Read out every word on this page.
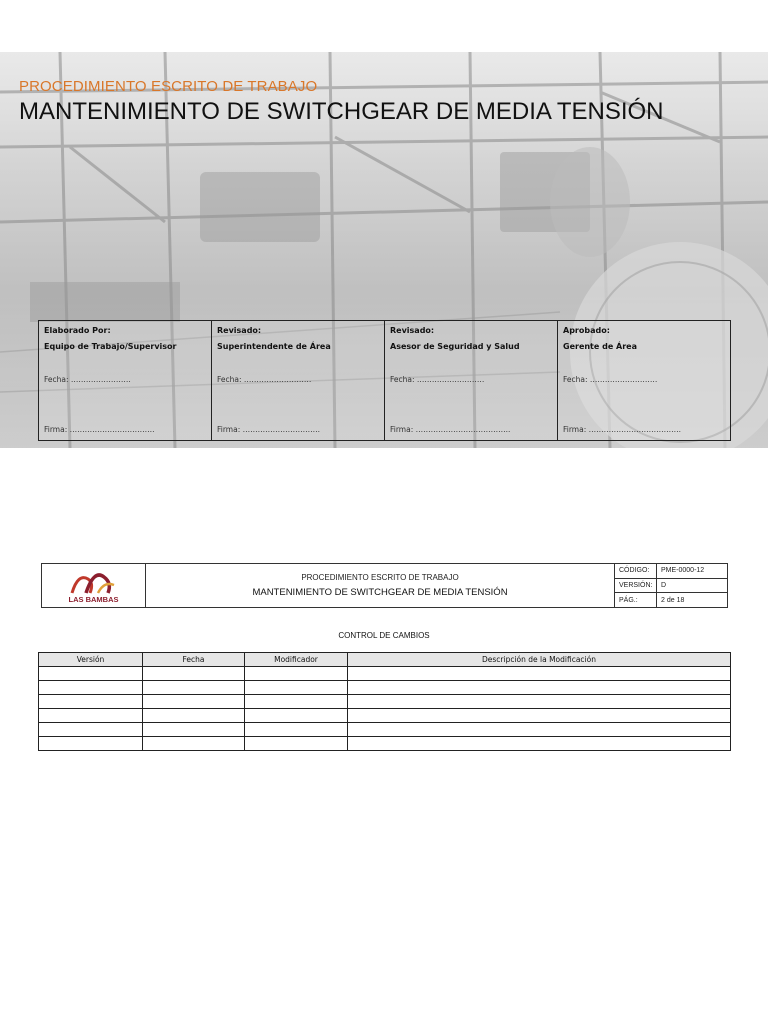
PROCEDIMIENTO ESCRITO DE TRABAJO
MANTENIMIENTO DE SWITCHGEAR DE MEDIA TENSIÓN
Elaborado Por:
Equipo de Trabajo/Supervisor
Fecha: ……………………
Firma: …………………………….
Revisado:
Superintendente de Área
Fecha: ………………………
Firma: ………………………….
Revisado:
Asesor de Seguridad y Salud
Fecha: ………………………
Firma: ………………………………..
Aprobado:
Gerente de Área
Fecha: ………………………
Firma: ……………………………….
LAS BAMBAS
PROCEDIMIENTO ESCRITO DE TRABAJO
MANTENIMIENTO DE SWITCHGEAR DE MEDIA TENSIÓN
CÓDIGO:	PME-0000-12
VERSIÓN:	D
PÁG.:	2 de 18
CONTROL DE CAMBIOS
Versión	Fecha	Modificador	Descripción de la Modificación
